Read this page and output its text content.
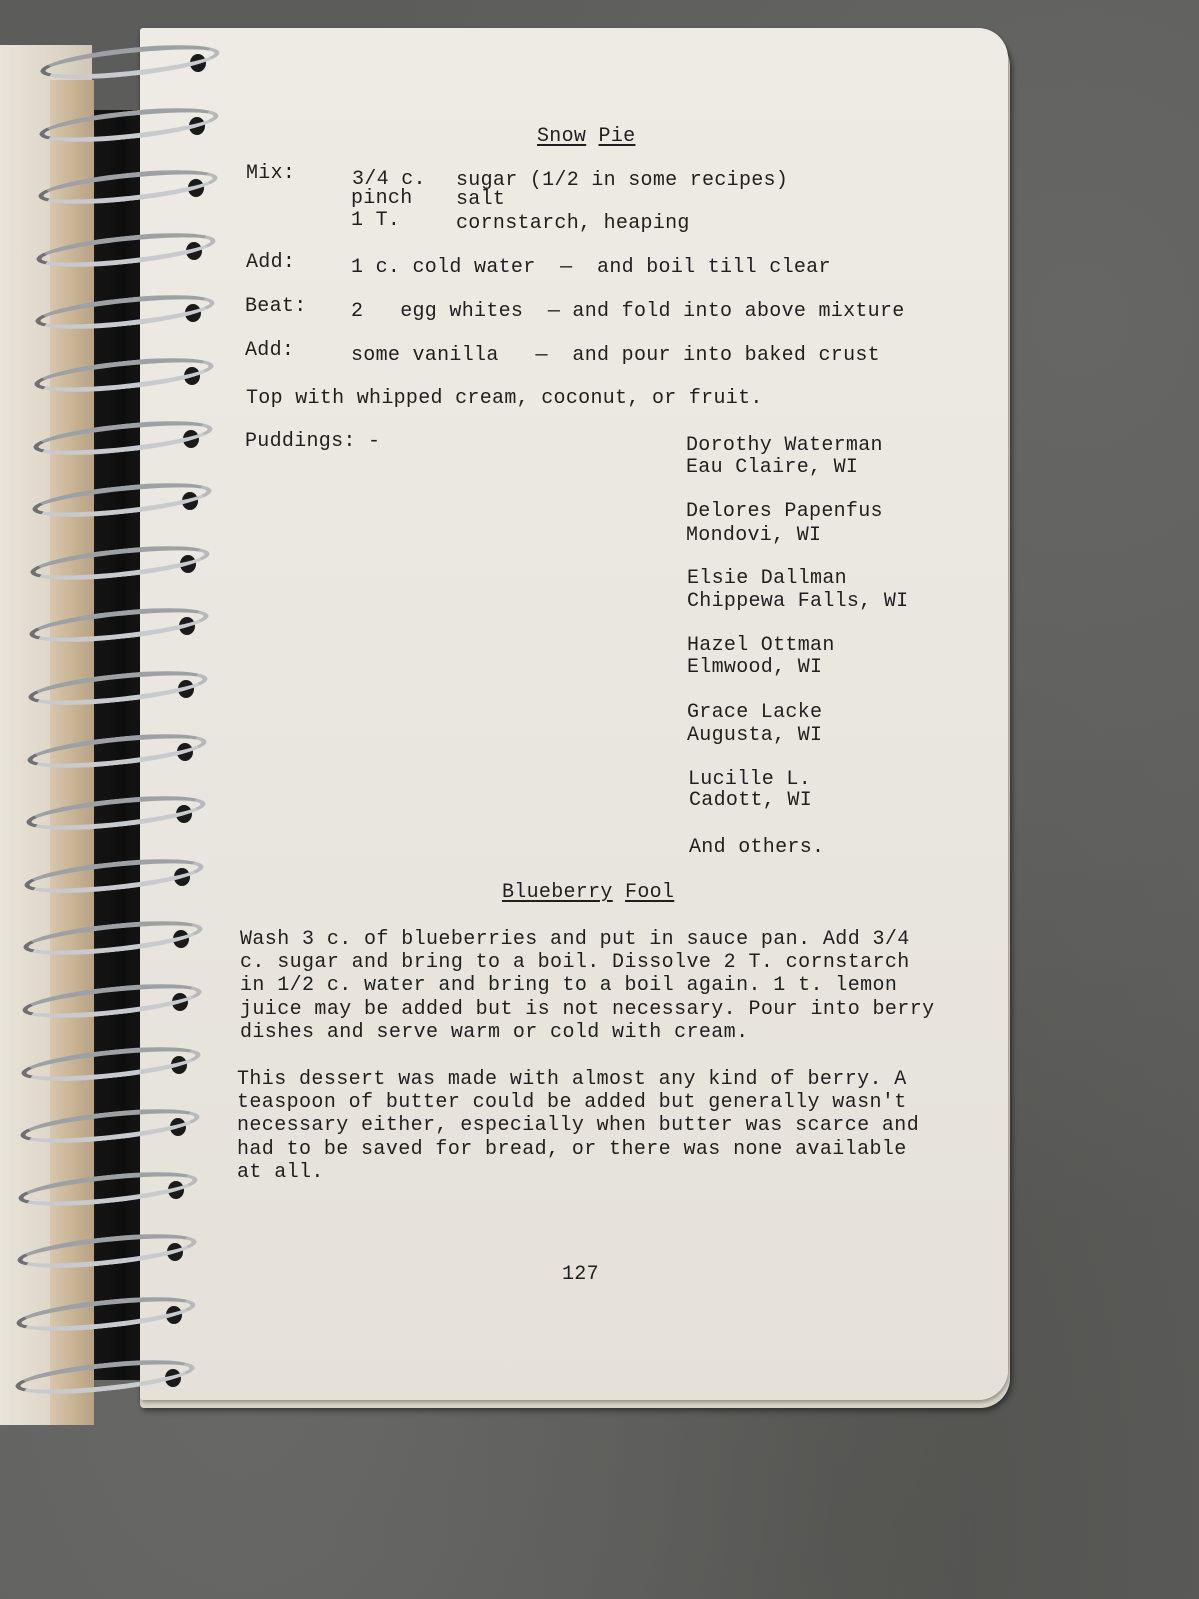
Snow Pie
Mix:	3/4 c. sugar (1/2 in some recipes)
pinch salt
1 T.	cornstarch, heaping
Add:	1 c. cold water  —  and boil till clear
Beat: 2   egg whites  — and fold into above mixture
Add:	some vanilla   —  and pour into baked crust
Top with whipped cream, coconut, or fruit.
Puddings: -	Dorothy Waterman
Eau Claire, WI
Delores Papenfus
Mondovi, WI
Elsie Dallman
Chippewa Falls, WI
Hazel Ottman
Elmwood, WI
Grace Lacke
Augusta, WI
Lucille L.
Cadott, WI
And others.
Blueberry Fool
Wash 3 c. of blueberries and put in sauce pan. Add 3/4 c. sugar and bring to a boil. Dissolve 2 T. cornstarch in 1/2 c. water and bring to a boil again. 1 t. lemon juice may be added but is not necessary. Pour into berry dishes and serve warm or cold with cream.
This dessert was made with almost any kind of berry. A teaspoon of butter could be added but generally wasn't necessary either, especially when butter was scarce and had to be saved for bread, or there was none available at all.
127
